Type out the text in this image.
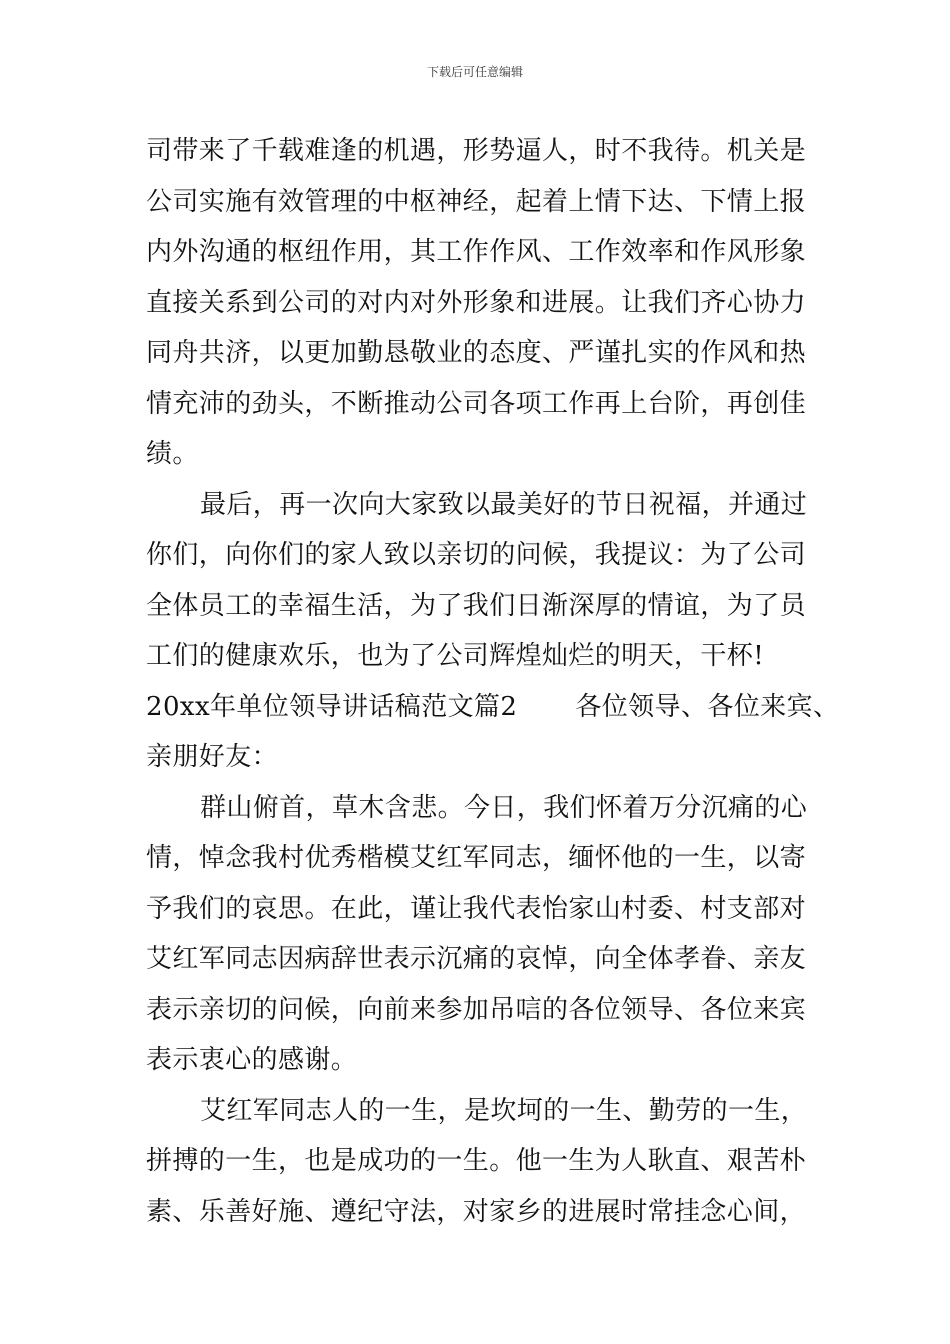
下载后可任意编辑
司带来了千载难逢的机遇，形势逼人，时不我待。机关是
公司实施有效管理的中枢神经，起着上情下达、下情上报
内外沟通的枢纽作用，其工作作风、工作效率和作风形象
直接关系到公司的对内对外形象和进展。让我们齐心协力
同舟共济，以更加勤恳敬业的态度、严谨扎实的作风和热
情充沛的劲头，不断推动公司各项工作再上台阶，再创佳
绩。
最后，再一次向大家致以最美好的节日祝福，并通过
你们，向你们的家人致以亲切的问候，我提议：为了公司
全体员工的幸福生活，为了我们日渐深厚的情谊，为了员
工们的健康欢乐，也为了公司辉煌灿烂的明天，干杯!
20xx年单位领导讲话稿范文篇2 各位领导、各位来宾、
亲朋好友：
群山俯首，草木含悲。今日，我们怀着万分沉痛的心
情，悼念我村优秀楷模艾红军同志，缅怀他的一生，以寄
予我们的哀思。在此，谨让我代表怡家山村委、村支部对
艾红军同志因病辞世表示沉痛的哀悼，向全体孝眷、亲友
表示亲切的问候，向前来参加吊唁的各位领导、各位来宾
表示衷心的感谢。
艾红军同志人的一生，是坎坷的一生、勤劳的一生，
拼搏的一生，也是成功的一生。他一生为人耿直、艰苦朴
素、乐善好施、遵纪守法，对家乡的进展时常挂念心间，
